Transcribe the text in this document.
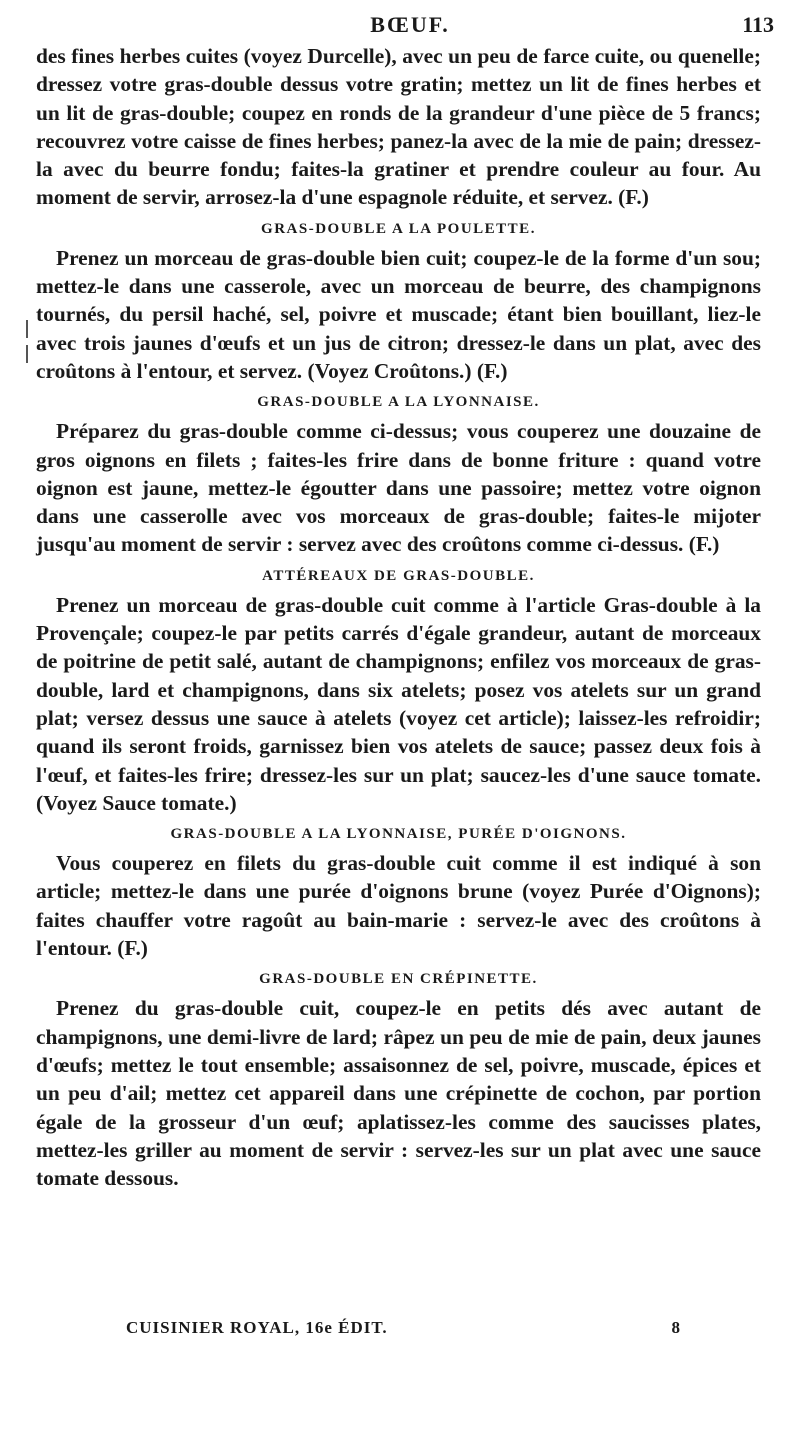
BŒUF.	113

des fines herbes cuites (voyez Durcelle), avec un peu de farce cuite, ou quenelle; dressez votre gras-double dessus votre gratin; mettez un lit de fines herbes et un lit de gras-double; coupez en ronds de la grandeur d'une pièce de 5 francs; recouvrez votre caisse de fines herbes; panez-la avec de la mie de pain; dressez-la avec du beurre fondu; faites-la gratiner et prendre couleur au four. Au moment de servir, arrosez-la d'une espagnole réduite, et servez. (F.)

GRAS-DOUBLE A LA POULETTE.

Prenez un morceau de gras-double bien cuit; coupez-le de la forme d'un sou; mettez-le dans une casserole, avec un morceau de beurre, des champignons tournés, du persil haché, sel, poivre et muscade; étant bien bouillant, liez-le avec trois jaunes d'œufs et un jus de citron; dressez-le dans un plat, avec des croûtons à l'entour, et servez. (Voyez Croûtons.) (F.)

GRAS-DOUBLE A LA LYONNAISE.

Préparez du gras-double comme ci-dessus; vous couperez une douzaine de gros oignons en filets ; faites-les frire dans de bonne friture : quand votre oignon est jaune, mettez-le égoutter dans une passoire; mettez votre oignon dans une casserolle avec vos morceaux de gras-double; faites-le mijoter jusqu'au moment de servir : servez avec des croûtons comme ci-dessus. (F.)

ATTÉREAUX DE GRAS-DOUBLE.

Prenez un morceau de gras-double cuit comme à l'article Gras-double à la Provençale; coupez-le par petits carrés d'égale grandeur, autant de morceaux de poitrine de petit salé, autant de champignons; enfilez vos morceaux de gras-double, lard et champignons, dans six atelets; posez vos atelets sur un grand plat; versez dessus une sauce à atelets (voyez cet article); laissez-les refroidir; quand ils seront froids, garnissez bien vos atelets de sauce; passez deux fois à l'œuf, et faites-les frire; dressez-les sur un plat; saucez-les d'une sauce tomate. (Voyez Sauce tomate.)

GRAS-DOUBLE A LA LYONNAISE, PURÉE D'OIGNONS.

Vous couperez en filets du gras-double cuit comme il est indiqué à son article; mettez-le dans une purée d'oignons brune (voyez Purée d'Oignons); faites chauffer votre ragoût au bain-marie : servez-le avec des croûtons à l'entour. (F.)

GRAS-DOUBLE EN CRÉPINETTE.

Prenez du gras-double cuit, coupez-le en petits dés avec autant de champignons, une demi-livre de lard; râpez un peu de mie de pain, deux jaunes d'œufs; mettez le tout ensemble; assaisonnez de sel, poivre, muscade, épices et un peu d'ail; mettez cet appareil dans une crépinette de cochon, par portion égale de la grosseur d'un œuf; aplatissez-les comme des saucisses plates, mettez-les griller au moment de servir : servez-les sur un plat avec une sauce tomate dessous.

CUISINIER ROYAL, 16e ÉDIT.	8
